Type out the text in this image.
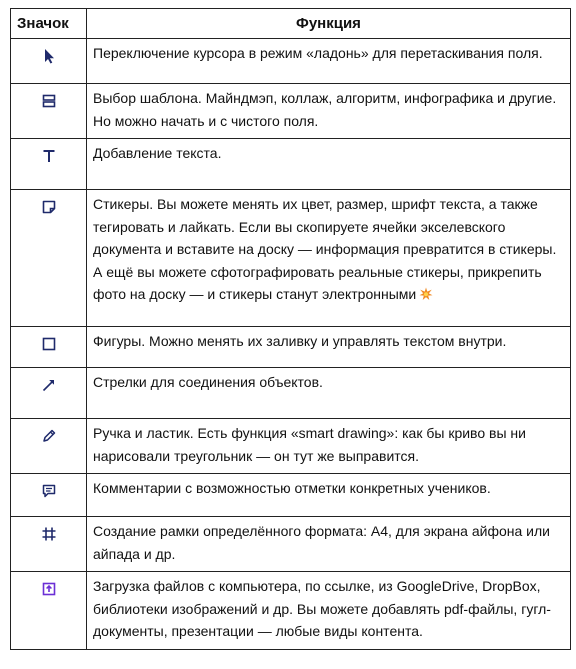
Значок	Функция

	Переключение курсора в режим «ладонь» для перетаскивания поля.

	Выбор шаблона. Майндмэп, коллаж, алгоритм, инфографика и другие. Но можно начать и с чистого поля.

	Добавление текста.

	Стикеры. Вы можете менять их цвет, размер, шрифт текста, а также тегировать и лайкать. Если вы скопируете ячейки экселевского документа и вставите на доску — информация превратится в стикеры. А ещё вы можете сфотографировать реальные стикеры, прикрепить фото на доску — и стикеры станут электронными

	Фигуры. Можно менять их заливку и управлять текстом внутри.

	Стрелки для соединения объектов.

	Ручка и ластик. Есть функция «smart drawing»: как бы криво вы ни нарисовали треугольник — он тут же выправится.

	Комментарии с возможностью отметки конкретных учеников.

	Создание рамки определённого формата: A4, для экрана айфона или айпада и др.

	Загрузка файлов с компьютера, по ссылке, из GoogleDrive, DropBox, библиотеки изображений и др. Вы можете добавлять pdf-файлы, гугл-документы, презентации — любые виды контента.
